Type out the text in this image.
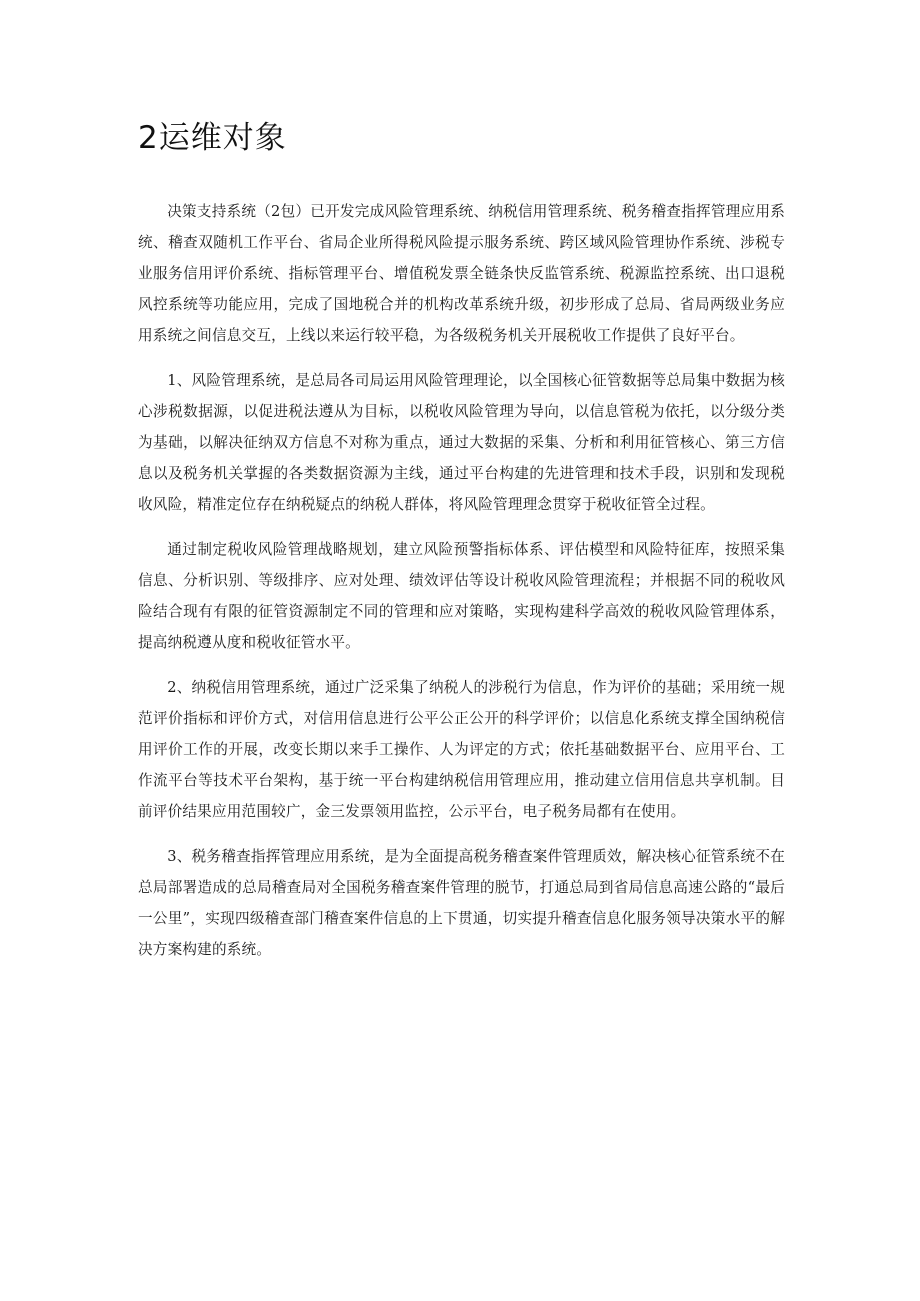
2运维对象

决策支持系统（2包）已开发完成风险管理系统、纳税信用管理系统、税务稽查指挥管理应用系统、稽查双随机工作平台、省局企业所得税风险提示服务系统、跨区域风险管理协作系统、涉税专业服务信用评价系统、指标管理平台、增值税发票全链条快反监管系统、税源监控系统、出口退税风控系统等功能应用，完成了国地税合并的机构改革系统升级，初步形成了总局、省局两级业务应用系统之间信息交互，上线以来运行较平稳，为各级税务机关开展税收工作提供了良好平台。

1、风险管理系统，是总局各司局运用风险管理理论，以全国核心征管数据等总局集中数据为核心涉税数据源，以促进税法遵从为目标，以税收风险管理为导向，以信息管税为依托，以分级分类为基础，以解决征纳双方信息不对称为重点，通过大数据的采集、分析和利用征管核心、第三方信息以及税务机关掌握的各类数据资源为主线，通过平台构建的先进管理和技术手段，识别和发现税收风险，精准定位存在纳税疑点的纳税人群体，将风险管理理念贯穿于税收征管全过程。

通过制定税收风险管理战略规划，建立风险预警指标体系、评估模型和风险特征库，按照采集信息、分析识别、等级排序、应对处理、绩效评估等设计税收风险管理流程；并根据不同的税收风险结合现有有限的征管资源制定不同的管理和应对策略，实现构建科学高效的税收风险管理体系，提高纳税遵从度和税收征管水平。

2、纳税信用管理系统，通过广泛采集了纳税人的涉税行为信息，作为评价的基础；采用统一规范评价指标和评价方式，对信用信息进行公平公正公开的科学评价；以信息化系统支撑全国纳税信用评价工作的开展，改变长期以来手工操作、人为评定的方式；依托基础数据平台、应用平台、工作流平台等技术平台架构，基于统一平台构建纳税信用管理应用，推动建立信用信息共享机制。目前评价结果应用范围较广，金三发票领用监控，公示平台，电子税务局都有在使用。

3、税务稽查指挥管理应用系统，是为全面提高税务稽查案件管理质效，解决核心征管系统不在总局部署造成的总局稽查局对全国税务稽查案件管理的脱节，打通总局到省局信息高速公路的“最后一公里”，实现四级稽查部门稽查案件信息的上下贯通，切实提升稽查信息化服务领导决策水平的解决方案构建的系统。
